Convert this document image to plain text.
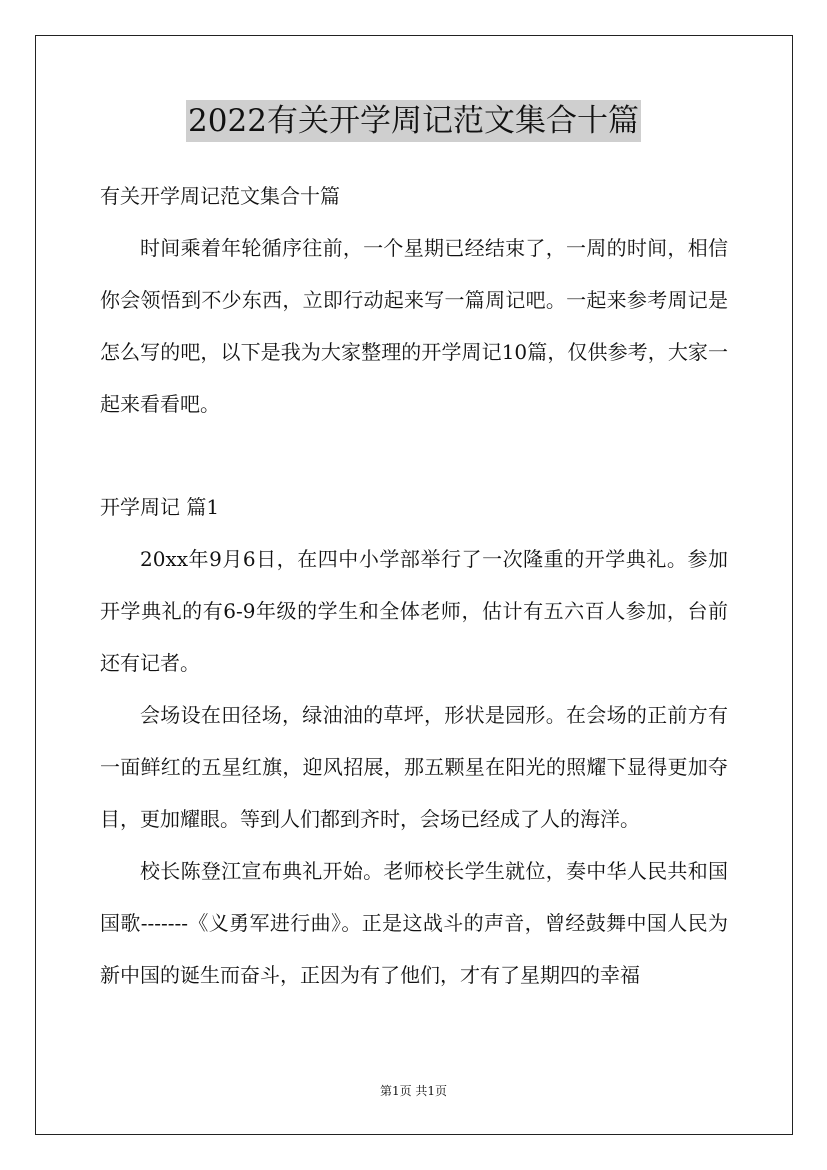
2022有关开学周记范文集合十篇

有关开学周记范文集合十篇

时间乘着年轮循序往前，一个星期已经结束了，一周的时间，相信你会领悟到不少东西，立即行动起来写一篇周记吧。一起来参考周记是怎么写的吧，以下是我为大家整理的开学周记10篇，仅供参考，大家一起来看看吧。

开学周记 篇1

20xx年9月6日，在四中小学部举行了一次隆重的开学典礼。参加开学典礼的有6-9年级的学生和全体老师，估计有五六百人参加，台前还有记者。

会场设在田径场，绿油油的草坪，形状是园形。在会场的正前方有一面鲜红的五星红旗，迎风招展，那五颗星在阳光的照耀下显得更加夺目，更加耀眼。等到人们都到齐时，会场已经成了人的海洋。

校长陈登江宣布典礼开始。老师校长学生就位，奏中华人民共和国国歌-------《义勇军进行曲》。正是这战斗的声音，曾经鼓舞中国人民为新中国的诞生而奋斗，正因为有了他们，才有了星期四的幸福

第1页 共1页
